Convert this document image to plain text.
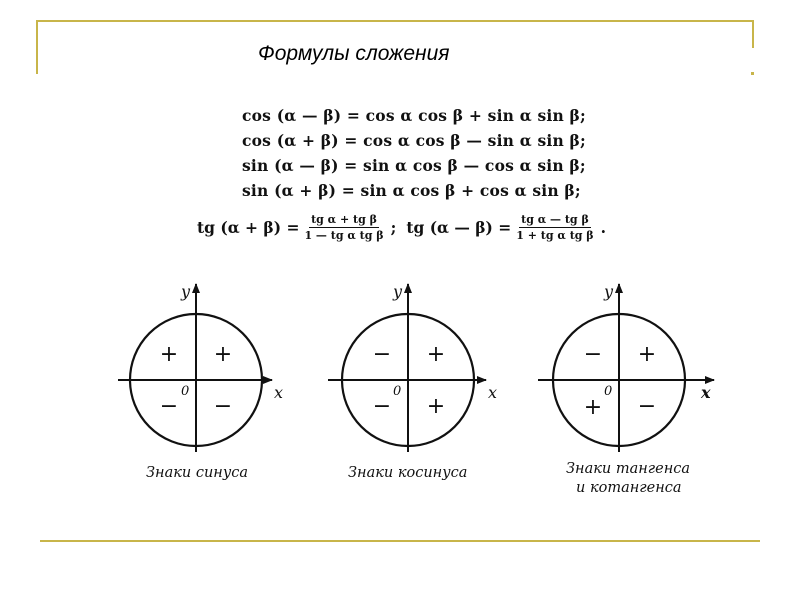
Формулы сложения
cos (α — β) = cos α cos β + sin α sin β;
cos (α + β) = cos α cos β — sin α sin β;
sin (α — β) = sin α cos β — cos α sin β;
sin (α + β) = sin α cos β + cos α sin β;
tg $(\alpha + \beta) = \frac{\text{tg α + tg β}}{\text{1 — tg α tg β}}$ ; tg (α — $\beta) = \frac{\text{tg α — tg β}}{\text{1 + tg α tg β}}$ .
y
x
0
+
+
− −
y
x
0
+
−
− +
y
x
0
+
−
+ −
Знаки синуса	Знаки косинуса	Знаки тангенса
и котангенса
